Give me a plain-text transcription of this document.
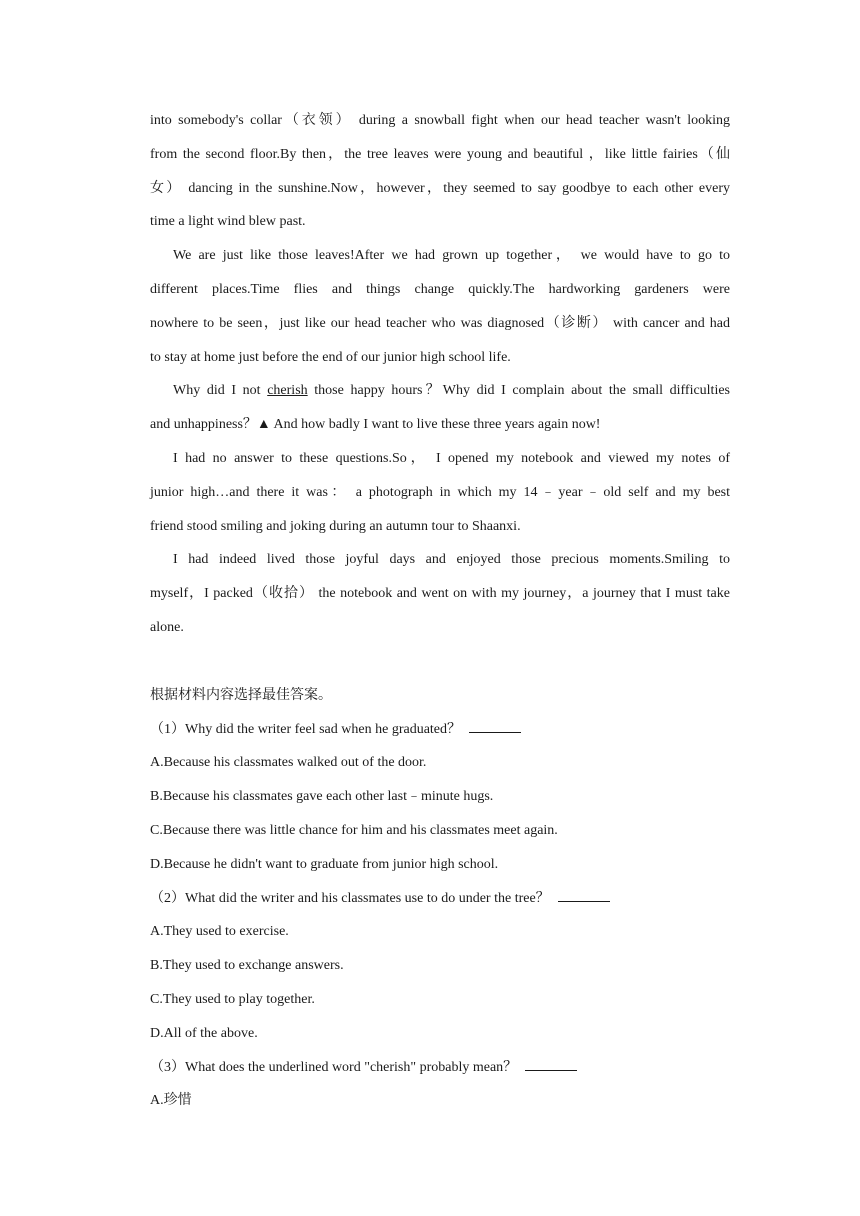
into somebody's collar（衣领） during a snowball fight when our head teacher wasn't looking
from the second floor.By then，the tree leaves were young and beautiful ，like little fairies（仙
女） dancing in the sunshine.Now，however，they seemed to say goodbye to each other every
time a light wind blew past.

We are just like those leaves!After we had grown up together， we would have to go to
different places.Time flies and things change quickly.The hardworking gardeners were
nowhere to be seen，just like our head teacher who was diagnosed（诊断） with cancer and had
to stay at home just before the end of our junior high school life.

Why did I not cherish those happy hours？Why did I complain about the small difficulties
and unhappiness？▲ And how badly I want to live these three years again now!

I had no answer to these questions.So， I opened my notebook and viewed my notes of
junior high…and there it was： a photograph in which my 14﹣year﹣old self and my best
friend stood smiling and joking during an autumn tour to Shaanxi.

I had indeed lived those joyful days and enjoyed those precious moments.Smiling to
myself，I packed（收拾） the notebook and went on with my journey，a journey that I must take
alone.

根据材料内容选择最佳答案。

（1）Why did the writer feel sad when he graduated？

A.Because his classmates walked out of the door.

B.Because his classmates gave each other last﹣minute hugs.

C.Because there was little chance for him and his classmates meet again.

D.Because he didn't want to graduate from junior high school.

（2）What did the writer and his classmates use to do under the tree？

A.They used to exercise.

B.They used to exchange answers.

C.They used to play together.

D.All of the above.

（3）What does the underlined word "cherish" probably mean？

A.珍惜
